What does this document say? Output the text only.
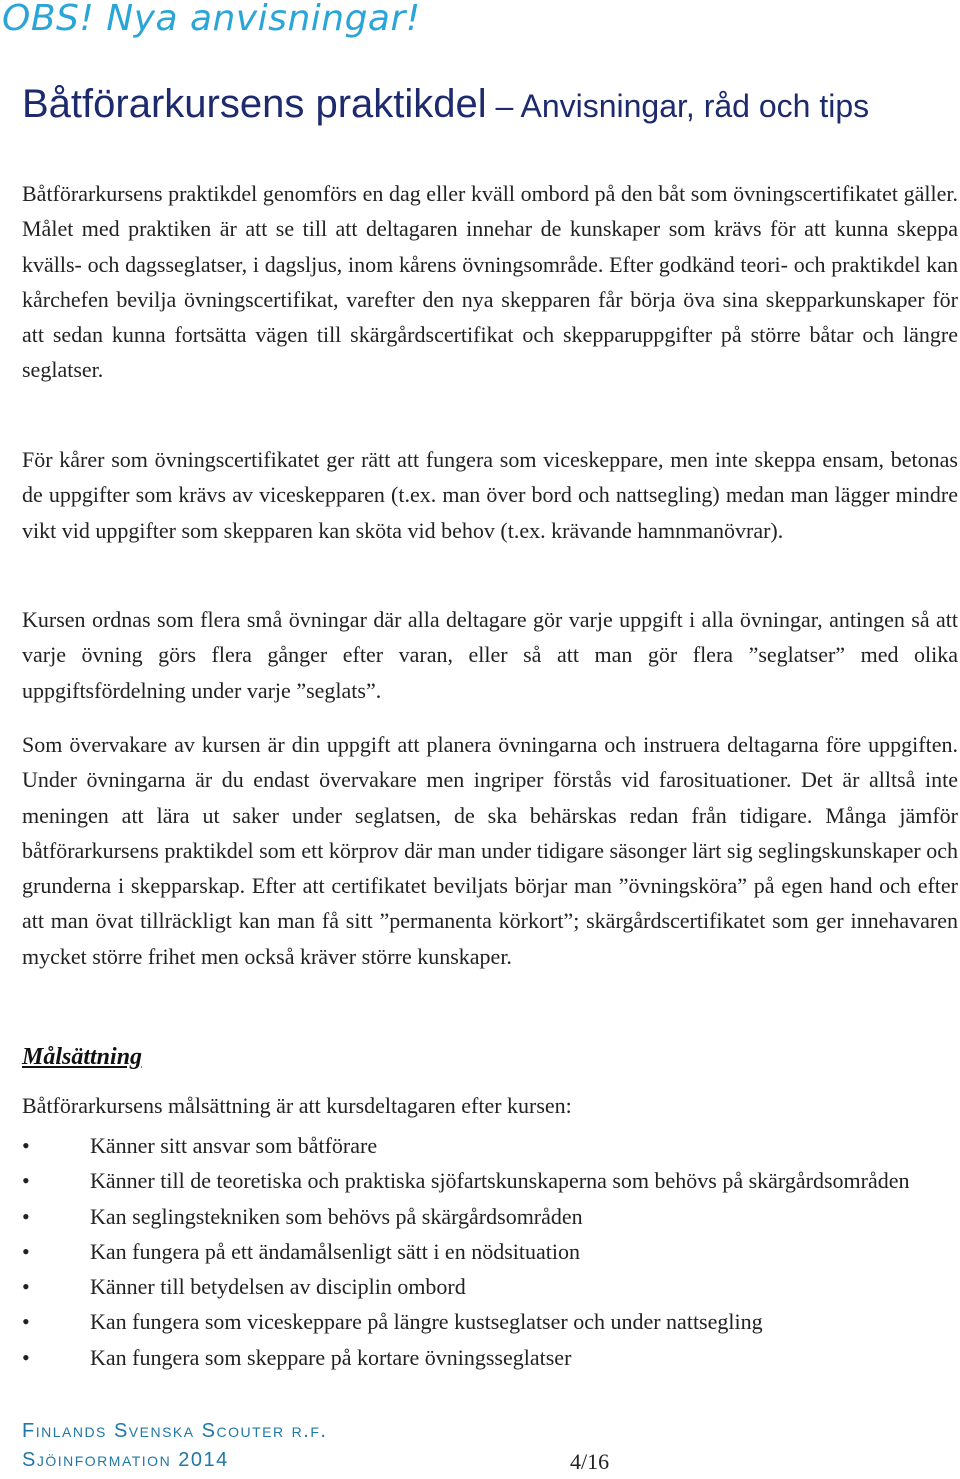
OBS! Nya anvisningar!
Båtförarkursens praktikdel – Anvisningar, råd och tips
Båtförarkursens praktikdel genomförs en dag eller kväll ombord på den båt som övningscertifikatet gäller. Målet med praktiken är att se till att deltagaren innehar de kunskaper som krävs för att kunna skeppa kvälls- och dagsseglatser, i dagsljus, inom kårens övningsområde. Efter godkänd teori- och praktikdel kan kårchefen bevilja övningscertifikat, varefter den nya skepparen får börja öva sina skepparkunskaper för att sedan kunna fortsätta vägen till skärgårdscertifikat och skepparuppgifter på större båtar och längre seglatser.
För kårer som övningscertifikatet ger rätt att fungera som viceskeppare, men inte skeppa ensam, betonas de uppgifter som krävs av viceskepparen (t.ex. man över bord och nattsegling) medan man lägger mindre vikt vid uppgifter som skepparen kan sköta vid behov (t.ex. krävande hamnmanövrar).
Kursen ordnas som flera små övningar där alla deltagare gör varje uppgift i alla övningar, antingen så att varje övning görs flera gånger efter varan, eller så att man gör flera ”seglatser” med olika uppgiftsfördelning under varje ”seglats”.
Som övervakare av kursen är din uppgift att planera övningarna och instruera deltagarna före uppgiften. Under övningarna är du endast övervakare men ingriper förstås vid farosituationer. Det är alltså inte meningen att lära ut saker under seglatsen, de ska behärskas redan från tidigare. Många jämför båtförarkursens praktikdel som ett körprov där man under tidigare säsonger lärt sig seglingskunskaper och grunderna i skepparskap. Efter att certifikatet beviljats börjar man ”övningsköra” på egen hand och efter att man övat tillräckligt kan man få sitt ”permanenta körkort”; skärgårdscertifikatet som ger innehavaren mycket större frihet men också kräver större kunskaper.
Målsättning
Båtförarkursens målsättning är att kursdeltagaren efter kursen:
•	Känner sitt ansvar som båtförare
•	Känner till de teoretiska och praktiska sjöfartskunskaperna som behövs på skärgårdsområden
•	Kan seglingstekniken som behövs på skärgårdsområden
•	Kan fungera på ett ändamålsenligt sätt i en nödsituation
•	Känner till betydelsen av disciplin ombord
•	Kan fungera som viceskeppare på längre kustseglatser och under nattsegling
•	Kan fungera som skeppare på kortare övningsseglatser
Finlands Svenska Scouter r.f.
Sjöinformation 2014	4/16
